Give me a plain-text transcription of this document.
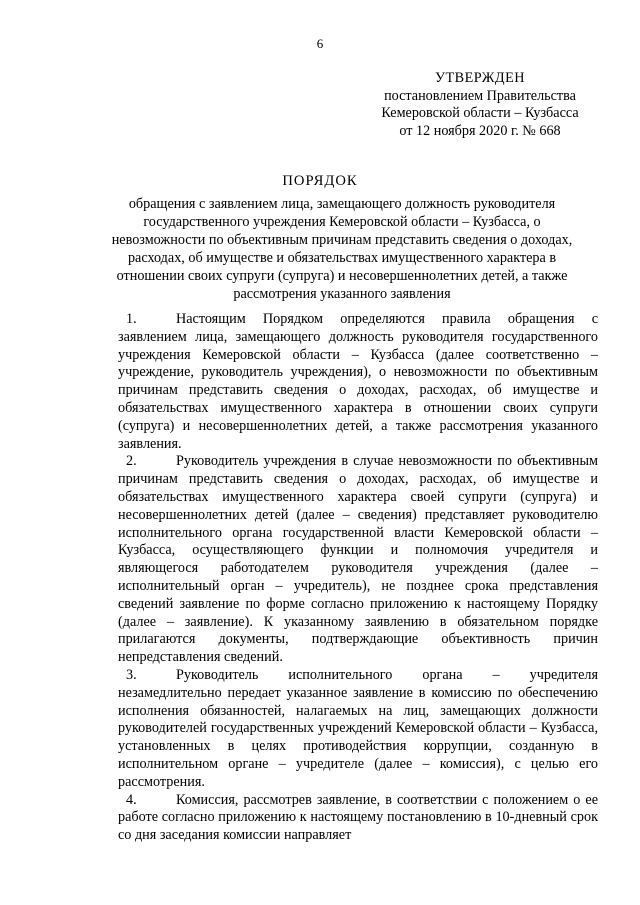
6
УТВЕРЖДЕН
постановлением Правительства
Кемеровской области – Кузбасса
от 12 ноября 2020 г. № 668
ПОРЯДОК
обращения с заявлением лица, замещающего должность руководителя государственного учреждения Кемеровской области – Кузбасса, о невозможности по объективным причинам представить сведения о доходах, расходах, об имуществе и обязательствах имущественного характера в отношении своих супруги (супруга) и несовершеннолетних детей, а также рассмотрения указанного заявления

1.	Настоящим Порядком определяются правила обращения с заявлением лица, замещающего должность руководителя государственного учреждения Кемеровской области – Кузбасса (далее соответственно – учреждение, руководитель учреждения), о невозможности по объективным причинам представить сведения о доходах, расходах, об имуществе и обязательствах имущественного характера в отношении своих супруги (супруга) и несовершеннолетних детей, а также рассмотрения указанного заявления.

2.	Руководитель учреждения в случае невозможности по объективным причинам представить сведения о доходах, расходах, об имуществе и обязательствах имущественного характера своей супруги (супруга) и несовершеннолетних детей (далее – сведения) представляет руководителю исполнительного органа государственной власти Кемеровской области – Кузбасса, осуществляющего функции и полномочия учредителя и являющегося работодателем руководителя учреждения (далее – исполнительный орган – учредитель), не позднее срока представления сведений заявление по форме согласно приложению к настоящему Порядку (далее – заявление). К указанному заявлению в обязательном порядке прилагаются документы, подтверждающие объективность причин непредставления сведений.

3.	Руководитель исполнительного органа – учредителя незамедлительно передает указанное заявление в комиссию по обеспечению исполнения обязанностей, налагаемых на лиц, замещающих должности руководителей государственных учреждений Кемеровской области – Кузбасса, установленных в целях противодействия коррупции, созданную в исполнительном органе – учредителе (далее – комиссия), с целью его рассмотрения.

4.	Комиссия, рассмотрев заявление, в соответствии с положением о ее работе согласно приложению к настоящему постановлению в 10-дневный срок со дня заседания комиссии направляет
